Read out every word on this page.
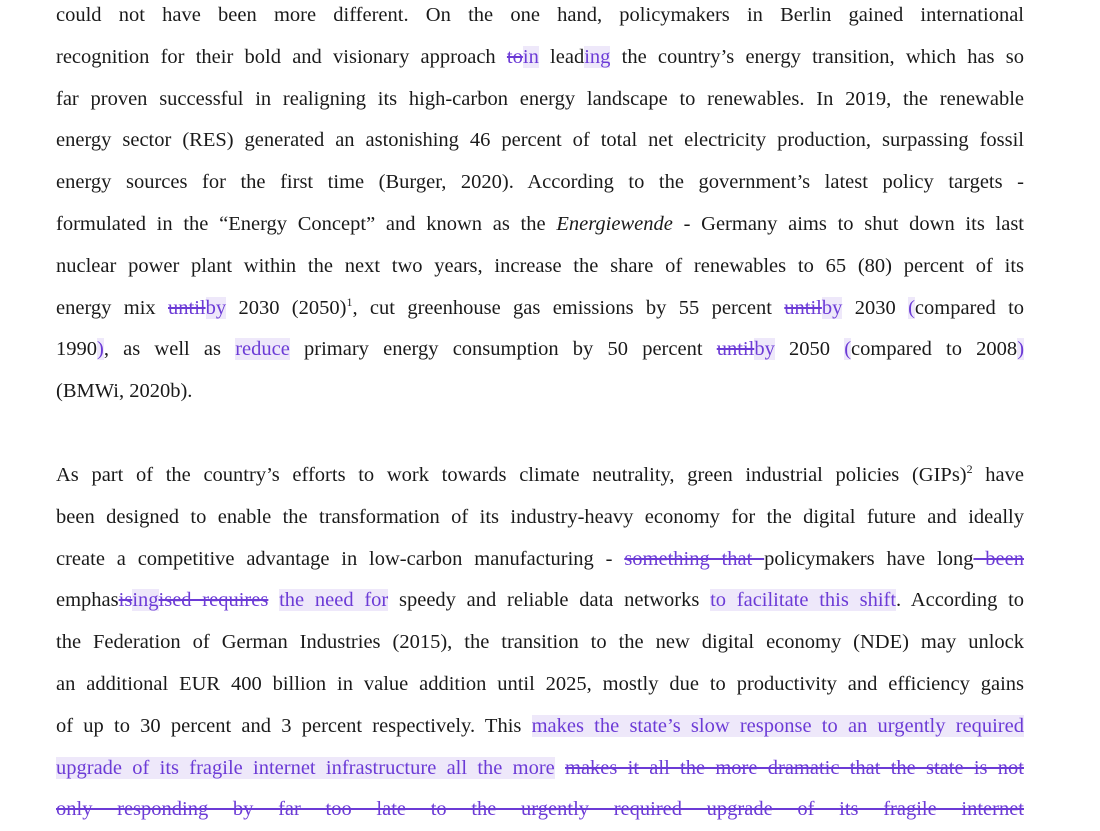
could not have been more different. On the one hand, policymakers in Berlin gained international
recognition for their bold and visionary approach toin leading the country’s energy transition, which has so
far proven successful in realigning its high-carbon energy landscape to renewables. In 2019, the renewable
energy sector (RES) generated an astonishing 46 percent of total net electricity production, surpassing fossil
energy sources for the first time (Burger, 2020). According to the government’s latest policy targets -
formulated in the “Energy Concept” and known as the Energiewende - Germany aims to shut down its last
nuclear power plant within the next two years, increase the share of renewables to 65 (80) percent of its
energy mix untilby 2030 $(2050)^1$, cut greenhouse gas emissions by 55 percent untilby 2030 (compared to
1990), as well as reduce primary energy consumption by 50 percent untilby 2050 (compared to 2008)
(BMWi, 2020b).
As part of the country’s efforts to work towards climate neutrality, green industrial policies (GIPs)$^2$ have
been designed to enable the transformation of its industry-heavy economy for the digital future and ideally
create a competitive advantage in low-carbon manufacturing - something that policymakers have long been
emphasisingised requires the need for speedy and reliable data networks to facilitate this shift. According to
the Federation of German Industries (2015), the transition to the new digital economy (NDE) may unlock
an additional EUR 400 billion in value addition until 2025, mostly due to productivity and efficiency gains
of up to 30 percent and 3 percent respectively. This makes the state’s slow response to an urgently required
upgrade of its fragile internet infrastructure all the more makes it all the more dramatic that the state is not
only responding by far too late to the urgently required upgrade of its fragile internet
